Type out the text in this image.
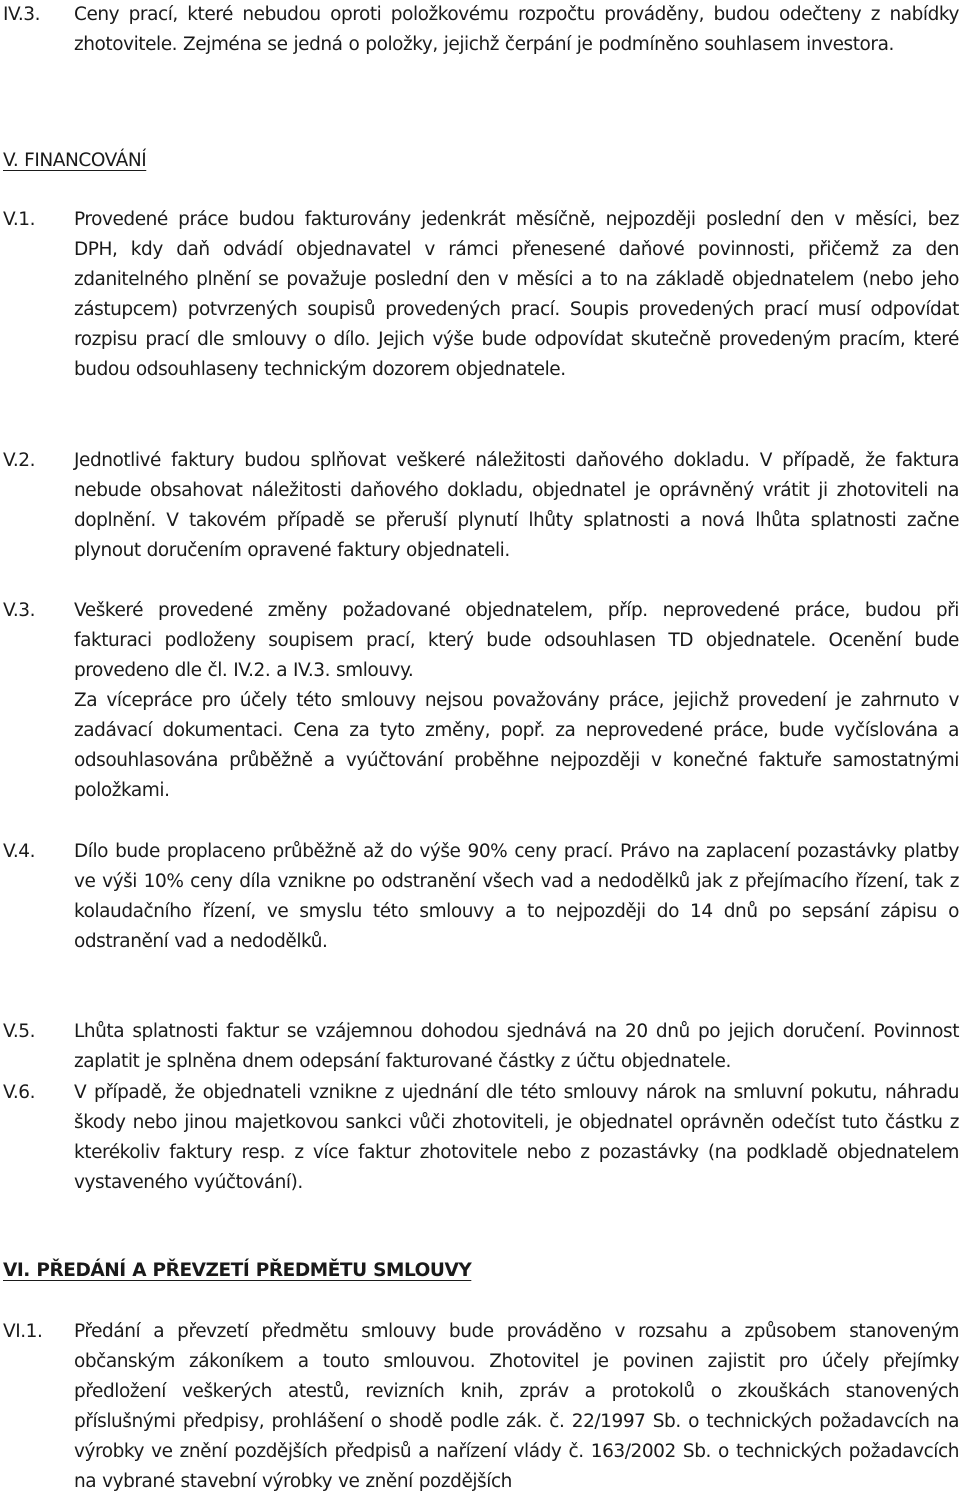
IV.3. Ceny prací, které nebudou oproti položkovému rozpočtu prováděny, budou odečteny z nabídky zhotovitele. Zejména se jedná o položky, jejichž čerpání je podmíněno souhlasem investora.

V. FINANCOVÁNÍ
V.1. Provedené práce budou fakturovány jedenkrát měsíčně, nejpozději poslední den v měsíci, bez DPH, kdy daň odvádí objednavatel v rámci přenesené daňové povinnosti, přičemž za den zdanitelného plnění se považuje poslední den v měsíci a to na základě objednatelem (nebo jeho zástupcem) potvrzených soupisů provedených prací. Soupis provedených prací musí odpovídat rozpisu prací dle smlouvy o dílo. Jejich výše bude odpovídat skutečně provedeným pracím, které budou odsouhlaseny technickým dozorem objednatele.

V.2. Jednotlivé faktury budou splňovat veškeré náležitosti daňového dokladu. V případě, že faktura nebude obsahovat náležitosti daňového dokladu, objednatel je oprávněný vrátit ji zhotoviteli na doplnění. V takovém případě se přeruší plynutí lhůty splatnosti a nová lhůta splatnosti začne plynout doručením opravené faktury objednateli.

V.3. Veškeré provedené změny požadované objednatelem, příp. neprovedené práce, budou při fakturaci podloženy soupisem prací, který bude odsouhlasen TD objednatele. Ocenění bude provedeno dle čl. IV.2. a IV.3. smlouvy.

Za vícepráce pro účely této smlouvy nejsou považovány práce, jejichž provedení je zahrnuto v zadávací dokumentaci. Cena za tyto změny, popř. za neprovedené práce, bude vyčíslována a odsouhlasována průběžně a vyúčtování proběhne nejpozději v konečné faktuře samostatnými položkami.

V.4. Dílo bude proplaceno průběžně až do výše 90% ceny prací. Právo na zaplacení pozastávky platby ve výši 10% ceny díla vznikne po odstranění všech vad a nedodělků jak z přejímacího řízení, tak z kolaudačního řízení, ve smyslu této smlouvy a to nejpozději do 14 dnů po sepsání zápisu o odstranění vad a nedodělků.

V.5. Lhůta splatnosti faktur se vzájemnou dohodou sjednává na 20 dnů po jejich doručení. Povinnost zaplatit je splněna dnem odepsání fakturované částky z účtu objednatele.

V.6. V případě, že objednateli vznikne z ujednání dle této smlouvy nárok na smluvní pokutu, náhradu škody nebo jinou majetkovou sankci vůči zhotoviteli, je objednatel oprávněn odečíst tuto částku z kterékoliv faktury resp. z více faktur zhotovitele nebo z pozastávky (na podkladě objednatelem vystaveného vyúčtování).

VI. PŘEDÁNÍ A PŘEVZETÍ PŘEDMĚTU SMLOUVY
VI.1. Předání a převzetí předmětu smlouvy bude prováděno v rozsahu a způsobem stanoveným občanským zákoníkem a touto smlouvou. Zhotovitel je povinen zajistit pro účely přejímky předložení veškerých atestů, revizních knih, zpráv a protokolů o zkouškách stanovených příslušnými předpisy, prohlášení o shodě podle zák. č. 22/1997 Sb. o technických požadavcích na výrobky ve znění pozdějších předpisů a nařízení vlády č. 163/2002 Sb. o technických požadavcích na vybrané stavební výrobky ve znění pozdějších
